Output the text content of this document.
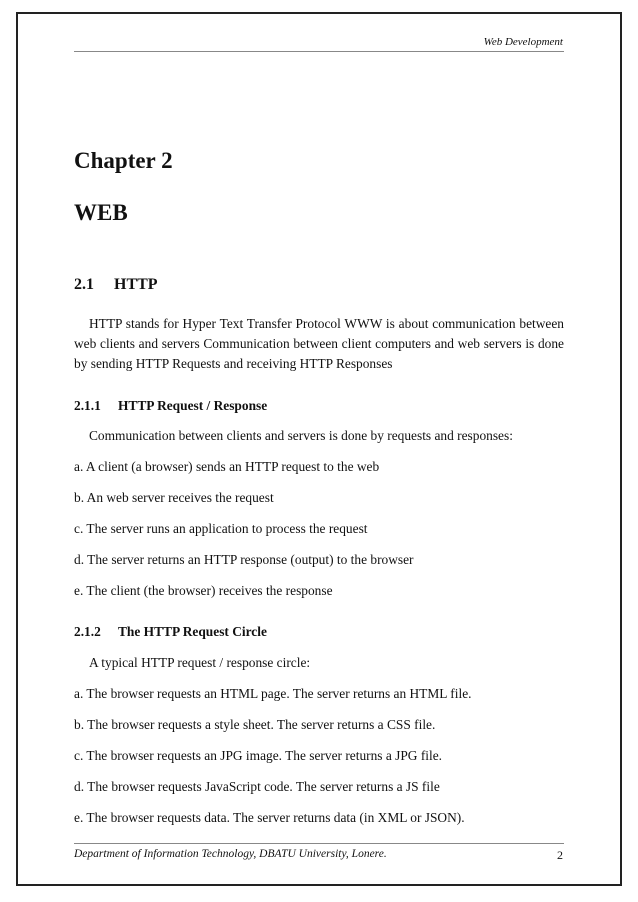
Web Development
Chapter 2
WEB
2.1 HTTP
HTTP stands for Hyper Text Transfer Protocol WWW is about communication between web clients and servers Communication between client computers and web servers is done by sending HTTP Requests and receiving HTTP Responses
2.1.1 HTTP Request / Response
Communication between clients and servers is done by requests and responses:
a. A client (a browser) sends an HTTP request to the web
b. An web server receives the request
c. The server runs an application to process the request
d. The server returns an HTTP response (output) to the browser
e. The client (the browser) receives the response
2.1.2 The HTTP Request Circle
A typical HTTP request / response circle:
a. The browser requests an HTML page. The server returns an HTML file.
b. The browser requests a style sheet. The server returns a CSS file.
c. The browser requests an JPG image. The server returns a JPG file.
d. The browser requests JavaScript code. The server returns a JS file
e. The browser requests data. The server returns data (in XML or JSON).
Department of Information Technology, DBATU University, Lonere.	2
